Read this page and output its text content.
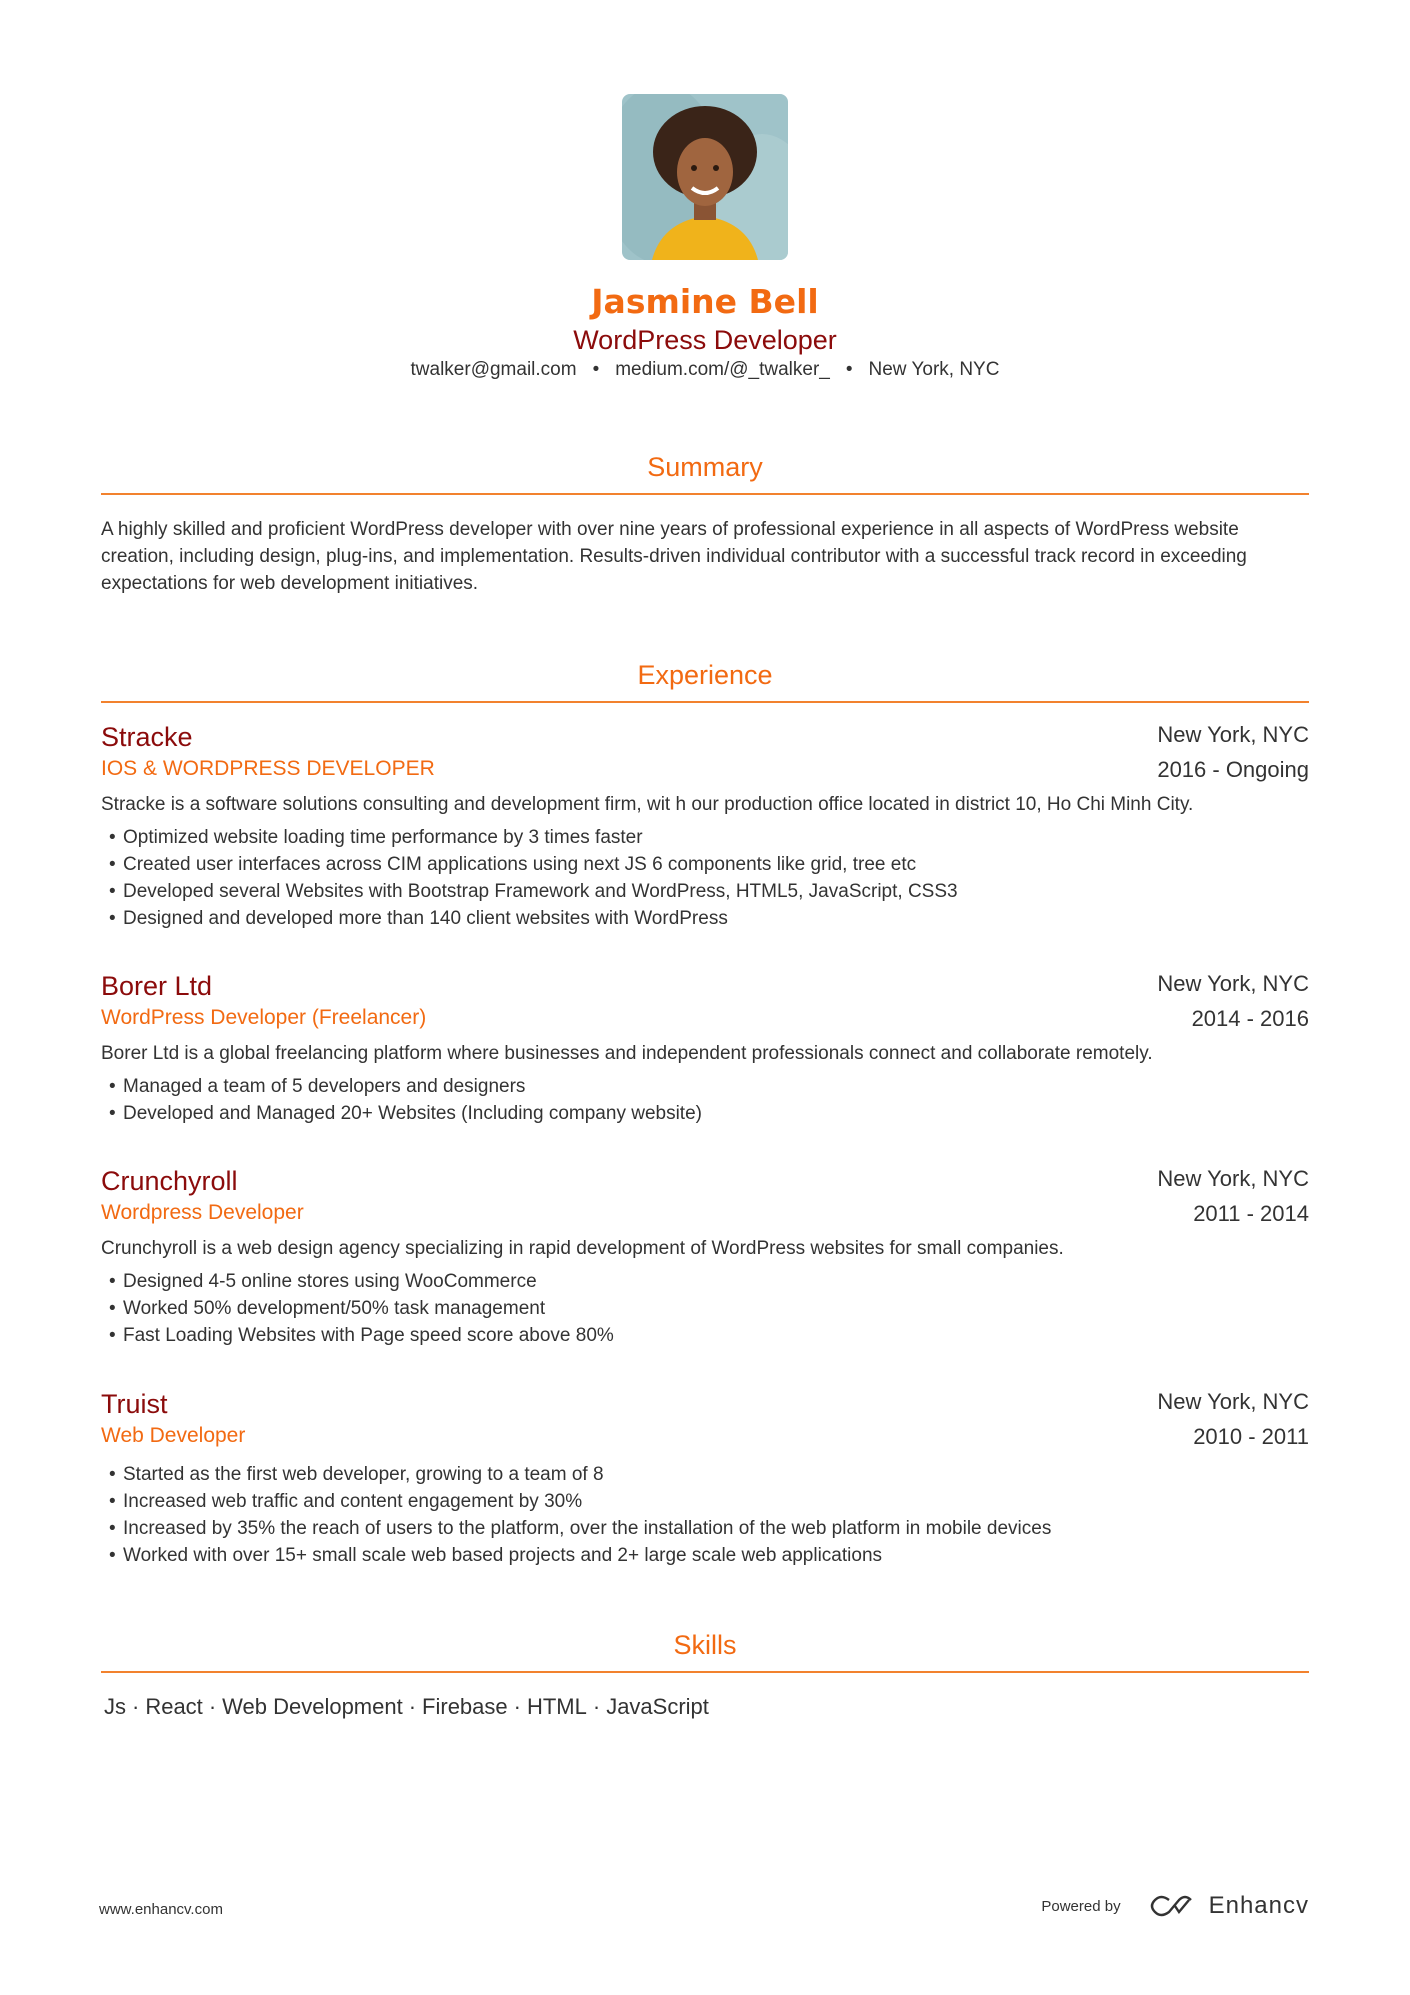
Jasmine Bell
WordPress Developer
twalker@gmail.com • medium.com/@_twalker_ • New York, NYC
Summary
A highly skilled and proficient WordPress developer with over nine years of professional experience in all aspects of WordPress website creation, including design, plug-ins, and implementation. Results-driven individual contributor with a successful track record in exceeding expectations for web development initiatives.
Experience
Stracke
IOS & WORDPRESS DEVELOPER
New York, NYC
2016 - Ongoing
Stracke is a software solutions consulting and development firm, wit h our production office located in district 10, Ho Chi Minh City.
• Optimized website loading time performance by 3 times faster
• Created user interfaces across CIM applications using next JS 6 components like grid, tree etc
• Developed several Websites with Bootstrap Framework and WordPress, HTML5, JavaScript, CSS3
• Designed and developed more than 140 client websites with WordPress
Borer Ltd
WordPress Developer (Freelancer)
New York, NYC
2014 - 2016
Borer Ltd is a global freelancing platform where businesses and independent professionals connect and collaborate remotely.
• Managed a team of 5 developers and designers
• Developed and Managed 20+ Websites (Including company website)
Crunchyroll
Wordpress Developer
New York, NYC
2011 - 2014
Crunchyroll is a web design agency specializing in rapid development of WordPress websites for small companies.
• Designed 4-5 online stores using WooCommerce
• Worked 50% development/50% task management
• Fast Loading Websites with Page speed score above 80%
Truist
Web Developer
New York, NYC
2010 - 2011
• Started as the first web developer, growing to a team of 8
• Increased web traffic and content engagement by 30%
• Increased by 35% the reach of users to the platform, over the installation of the web platform in mobile devices
• Worked with over 15+ small scale web based projects and 2+ large scale web applications
Skills
Js · React · Web Development · Firebase · HTML · JavaScript
www.enhancv.com	Powered by	Enhancv
